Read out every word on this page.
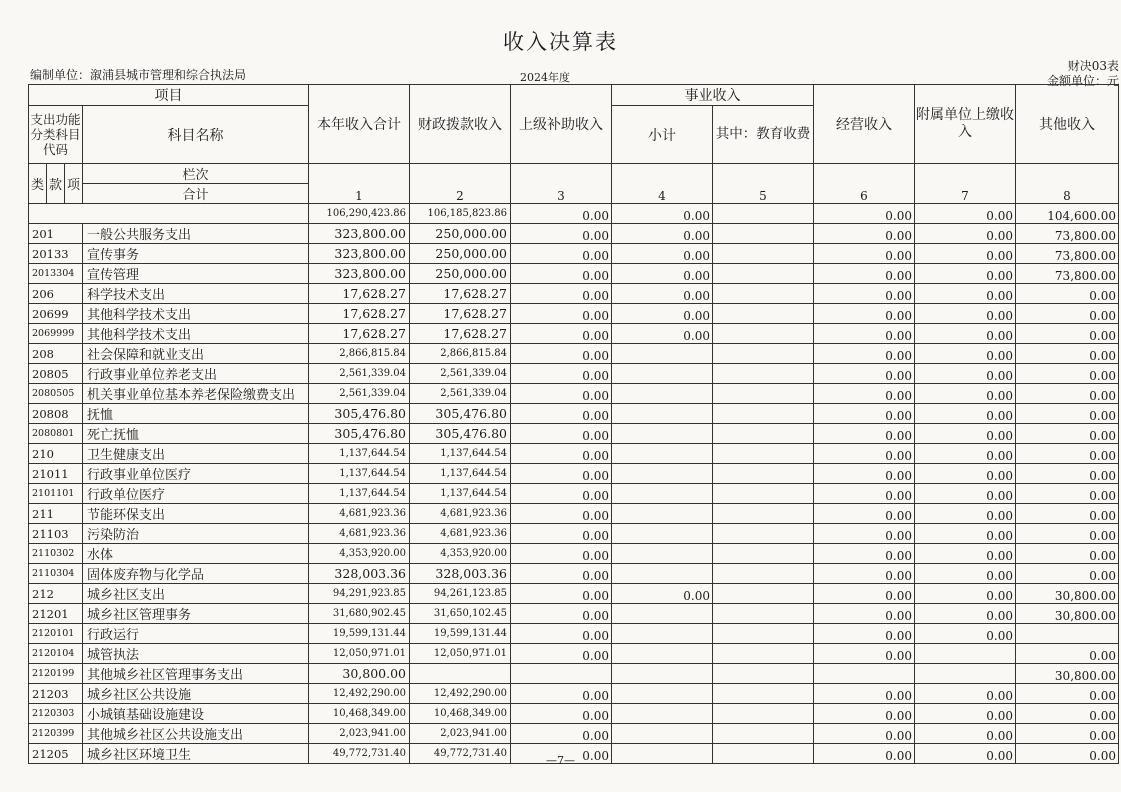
收入决算表
编制单位：溆浦县城市管理和综合执法局	2024年度
财决03表
金额单位：元
项目				本年收入合计	财政拨款收入	上级补助收入	事业收入		经营收入	附属单位上缴收入	其他收入
支出功能分类科目代码			科目名称				小计	其中：教育收费			

类	款	项	栏次	1	2	3	4	5	6	7	8
			合计								
				106,290,423.86	106,185,823.86	0.00	0.00		0.00	0.00	104,600.00
201			一般公共服务支出	323,800.00	250,000.00	0.00	0.00		0.00	0.00	73,800.00
20133			宣传事务	323,800.00	250,000.00	0.00	0.00		0.00	0.00	73,800.00
2013304			宣传管理	323,800.00	250,000.00	0.00	0.00		0.00	0.00	73,800.00
206			科学技术支出	17,628.27	17,628.27	0.00	0.00		0.00	0.00	0.00
20699			其他科学技术支出	17,628.27	17,628.27	0.00	0.00		0.00	0.00	0.00
2069999			其他科学技术支出	17,628.27	17,628.27	0.00	0.00		0.00	0.00	0.00
208			社会保障和就业支出	2,866,815.84	2,866,815.84	0.00			0.00	0.00	0.00
20805			行政事业单位养老支出	2,561,339.04	2,561,339.04	0.00			0.00	0.00	0.00
2080505			机关事业单位基本养老保险缴费支出	2,561,339.04	2,561,339.04	0.00			0.00	0.00	0.00
20808			抚恤	305,476.80	305,476.80	0.00			0.00	0.00	0.00
2080801			死亡抚恤	305,476.80	305,476.80	0.00			0.00	0.00	0.00
210			卫生健康支出	1,137,644.54	1,137,644.54	0.00			0.00	0.00	0.00
21011			行政事业单位医疗	1,137,644.54	1,137,644.54	0.00			0.00	0.00	0.00
2101101			行政单位医疗	1,137,644.54	1,137,644.54	0.00			0.00	0.00	0.00
211			节能环保支出	4,681,923.36	4,681,923.36	0.00			0.00	0.00	0.00
21103			污染防治	4,681,923.36	4,681,923.36	0.00			0.00	0.00	0.00
2110302			水体	4,353,920.00	4,353,920.00	0.00			0.00	0.00	0.00
2110304			固体废弃物与化学品	328,003.36	328,003.36	0.00			0.00	0.00	0.00
212			城乡社区支出	94,291,923.85	94,261,123.85	0.00	0.00		0.00	0.00	30,800.00
21201			城乡社区管理事务	31,680,902.45	31,650,102.45	0.00			0.00	0.00	30,800.00
2120101			行政运行	19,599,131.44	19,599,131.44	0.00			0.00	0.00	
2120104			城管执法	12,050,971.01	12,050,971.01	0.00			0.00		0.00
2120199			其他城乡社区管理事务支出	30,800.00							30,800.00
21203			城乡社区公共设施	12,492,290.00	12,492,290.00	0.00			0.00	0.00	0.00
2120303			小城镇基础设施建设	10,468,349.00	10,468,349.00	0.00			0.00	0.00	0.00
2120399			其他城乡社区公共设施支出	2,023,941.00	2,023,941.00	0.00			0.00	0.00	0.00
21205			城乡社区环境卫生	49,772,731.40	49,772,731.40	0.00			0.00	0.00	0.00
—7—
